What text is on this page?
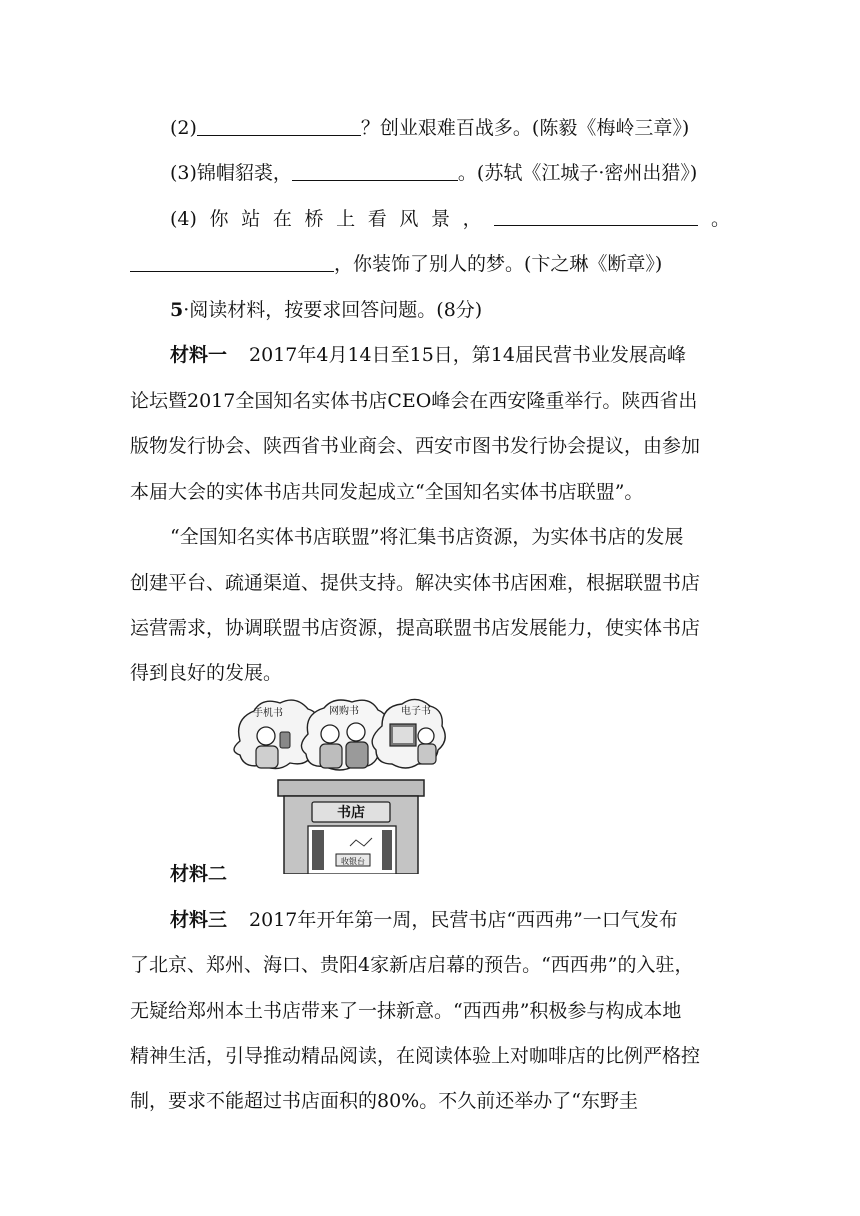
(2)	？创业艰难百战多。(陈毅《梅岭三章》)
(3)锦帽貂裘，	。(苏轼《江城子·密州出猎》)
(4) 你 站 在 桥 上 看 风 景 ，	。
，你装饰了别人的梦。(卞之琳《断章》)
5·阅读材料，按要求回答问题。(8分)
材料一 2017年4月14日至15日，第14届民营书业发展高峰
论坛暨2017全国知名实体书店CEO峰会在西安隆重举行。陕西省出
版物发行协会、陕西省书业商会、西安市图书发行协会提议，由参加
本届大会的实体书店共同发起成立“全国知名实体书店联盟”。
“全国知名实体书店联盟”将汇集书店资源，为实体书店的发展
创建平台、疏通渠道、提供支持。解决实体书店困难，根据联盟书店
运营需求，协调联盟书店资源，提高联盟书店发展能力，使实体书店
得到良好的发展。
手机书	网购书	电子书
书店
收银台
材料二
材料三 2017年开年第一周，民营书店“西西弗”一口气发布
了北京、郑州、海口、贵阳4家新店启幕的预告。“西西弗”的入驻，
无疑给郑州本土书店带来了一抹新意。“西西弗”积极参与构成本地
精神生活，引导推动精品阅读，在阅读体验上对咖啡店的比例严格控
制，要求不能超过书店面积的80%。不久前还举办了“东野圭
